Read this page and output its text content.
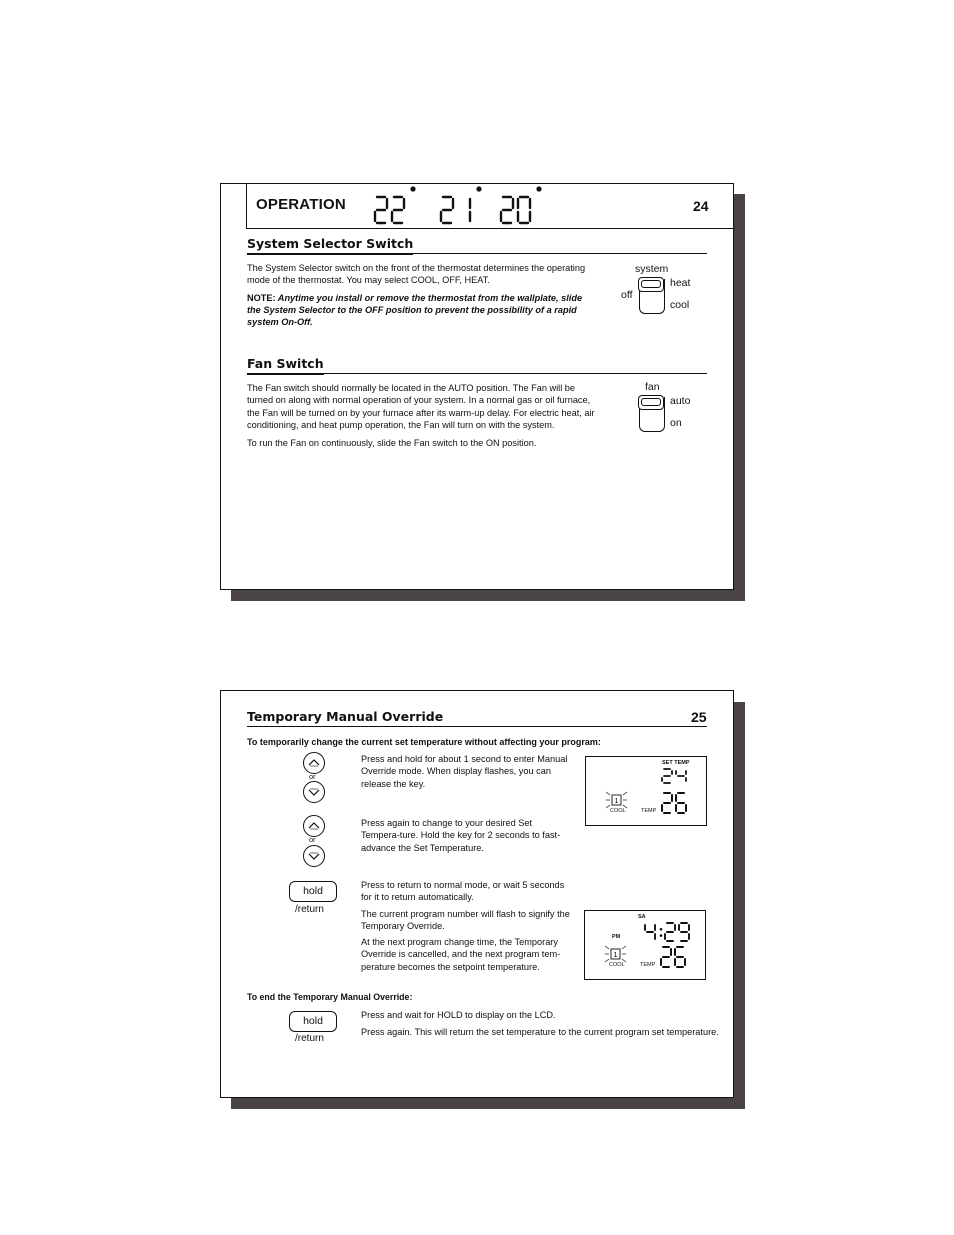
OPERATION	24
System Selector Switch

The System Selector switch on the front of the thermostat determines the operating mode of the thermostat. You may select COOL, OFF, HEAT.

NOTE: Anytime you install or remove the thermostat from the wallplate, slide the System Selector to the OFF position to prevent the possibility of a rapid system On-Off.

system
off
heat
cool
Fan Switch

The Fan switch should normally be located in the AUTO position. The Fan will be turned on along with normal operation of your system. In a normal gas or oil furnace, the Fan will be turned on by your furnace after its warm-up delay. For electric heat, air conditioning, and heat pump operation, the Fan will turn on with the system.

To run the Fan on continuously, slide the Fan switch to the ON position.

fan
auto
on
Temporary Manual Override	25
To temporarily change the current set temperature without affecting your program:
or
Press and hold for about 1 second to enter Manual Override mode. When display flashes, you can release the key.
SET TEMP
1
COOL	TEMP
or
Press again to change to your desired Set Tempera-ture. Hold the key for 2 seconds to fast-advance the Set Temperature.
hold
/return

Press to return to normal mode, or wait 5 seconds for it to return automatically.

The current program number will flash to signify the Temporary Override.

At the next program change time, the Temporary Override is cancelled, and the next program tem-perature becomes the setpoint temperature.

SA
PM
1
COOL	TEMP
To end the Temporary Manual Override:
hold
/return

Press and wait for HOLD to display on the LCD.

Press again. This will return the set temperature to the current program set temperature.
